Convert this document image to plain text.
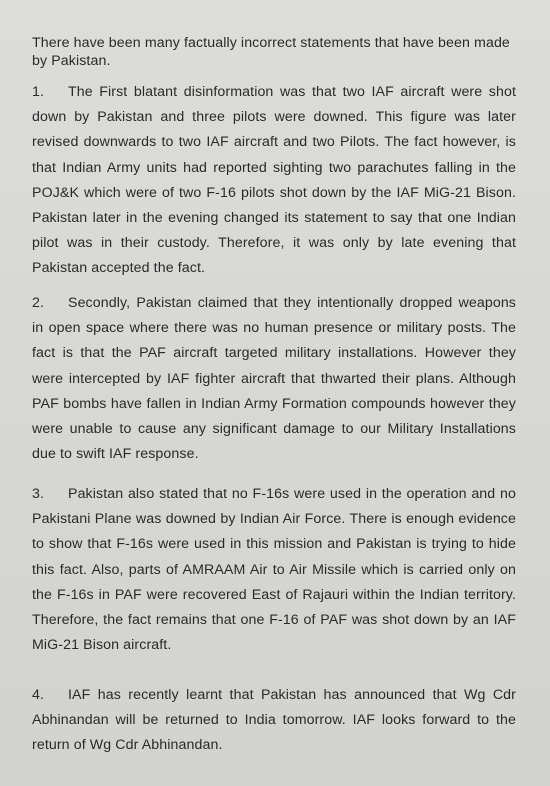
There have been many factually incorrect statements that have been made by Pakistan.

1. The First blatant disinformation was that two IAF aircraft were shot down by Pakistan and three pilots were downed. This figure was later revised downwards to two IAF aircraft and two Pilots. The fact however, is that Indian Army units had reported sighting two parachutes falling in the POJ&K which were of two F-16 pilots shot down by the IAF MiG-21 Bison. Pakistan later in the evening changed its statement to say that one Indian pilot was in their custody. Therefore, it was only by late evening that Pakistan accepted the fact.

2. Secondly, Pakistan claimed that they intentionally dropped weapons in open space where there was no human presence or military posts. The fact is that the PAF aircraft targeted military installations. However they were intercepted by IAF fighter aircraft that thwarted their plans. Although PAF bombs have fallen in Indian Army Formation compounds however they were unable to cause any significant damage to our Military Installations due to swift IAF response.

3. Pakistan also stated that no F-16s were used in the operation and no Pakistani Plane was downed by Indian Air Force. There is enough evidence to show that F-16s were used in this mission and Pakistan is trying to hide this fact. Also, parts of AMRAAM Air to Air Missile which is carried only on the F-16s in PAF were recovered East of Rajauri within the Indian territory. Therefore, the fact remains that one F-16 of PAF was shot down by an IAF MiG-21 Bison aircraft.

4. IAF has recently learnt that Pakistan has announced that Wg Cdr Abhinandan will be returned to India tomorrow. IAF looks forward to the return of Wg Cdr Abhinandan.
